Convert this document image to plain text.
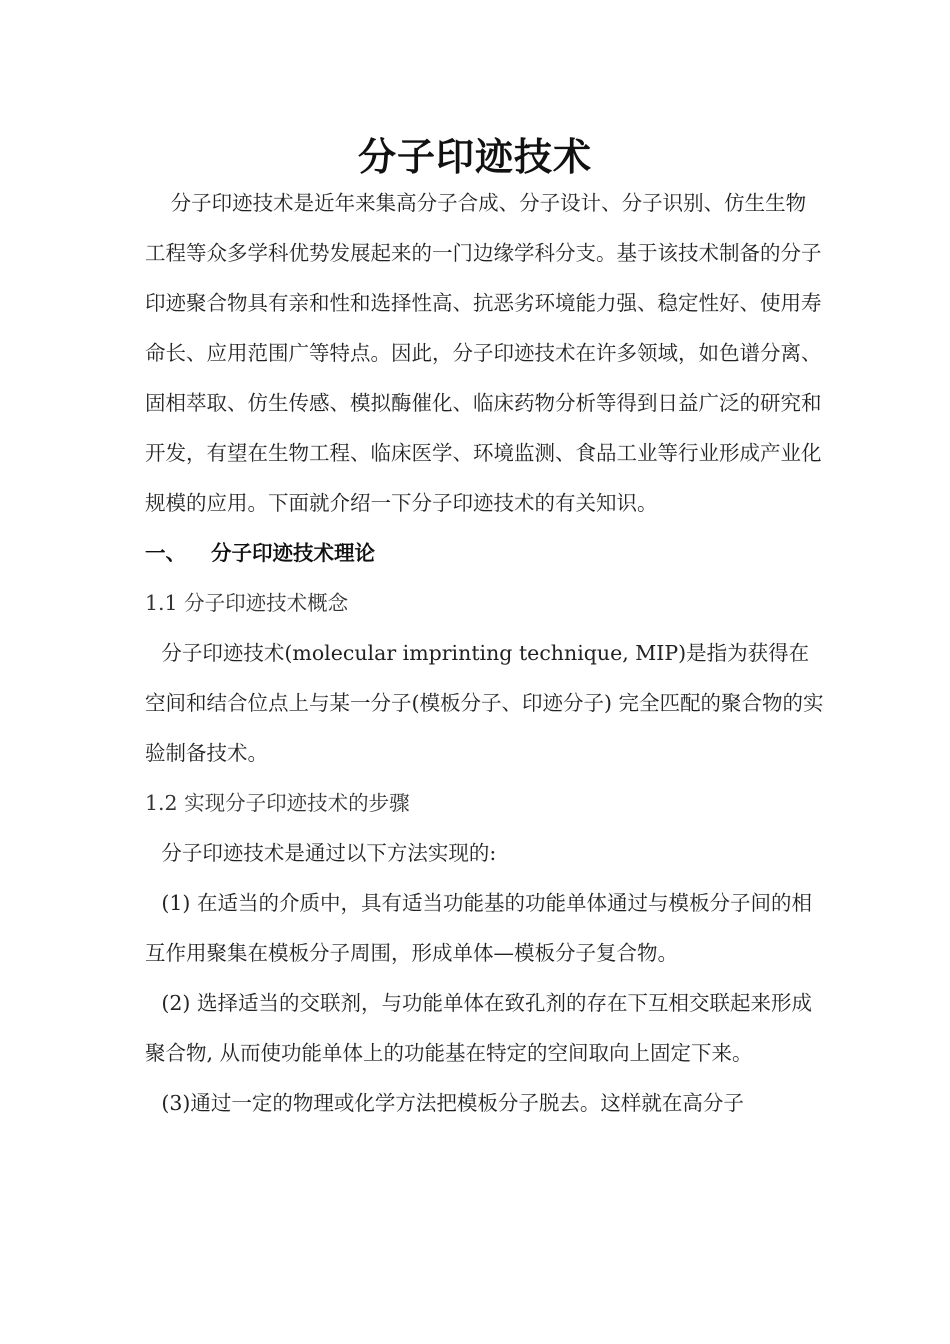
分子印迹技术

分子印迹技术是近年来集高分子合成、分子设计、分子识别、仿生生物工程等众多学科优势发展起来的一门边缘学科分支。基于该技术制备的分子印迹聚合物具有亲和性和选择性高、抗恶劣环境能力强、稳定性好、使用寿命长、应用范围广等特点。因此，分子印迹技术在许多领域，如色谱分离、固相萃取、仿生传感、模拟酶催化、临床药物分析等得到日益广泛的研究和开发，有望在生物工程、临床医学、环境监测、食品工业等行业形成产业化规模的应用。下面就介绍一下分子印迹技术的有关知识。

一、 分子印迹技术理论

1.1 分子印迹技术概念

分子印迹技术(molecular imprinting technique, MIP)是指为获得在空间和结合位点上与某一分子(模板分子、印迹分子) 完全匹配的聚合物的实验制备技术。

1.2 实现分子印迹技术的步骤

分子印迹技术是通过以下方法实现的:

(1) 在适当的介质中，具有适当功能基的功能单体通过与模板分子间的相互作用聚集在模板分子周围，形成单体—模板分子复合物。

(2) 选择适当的交联剂，与功能单体在致孔剂的存在下互相交联起来形成聚合物, 从而使功能单体上的功能基在特定的空间取向上固定下来。

(3)通过一定的物理或化学方法把模板分子脱去。这样就在高分子
